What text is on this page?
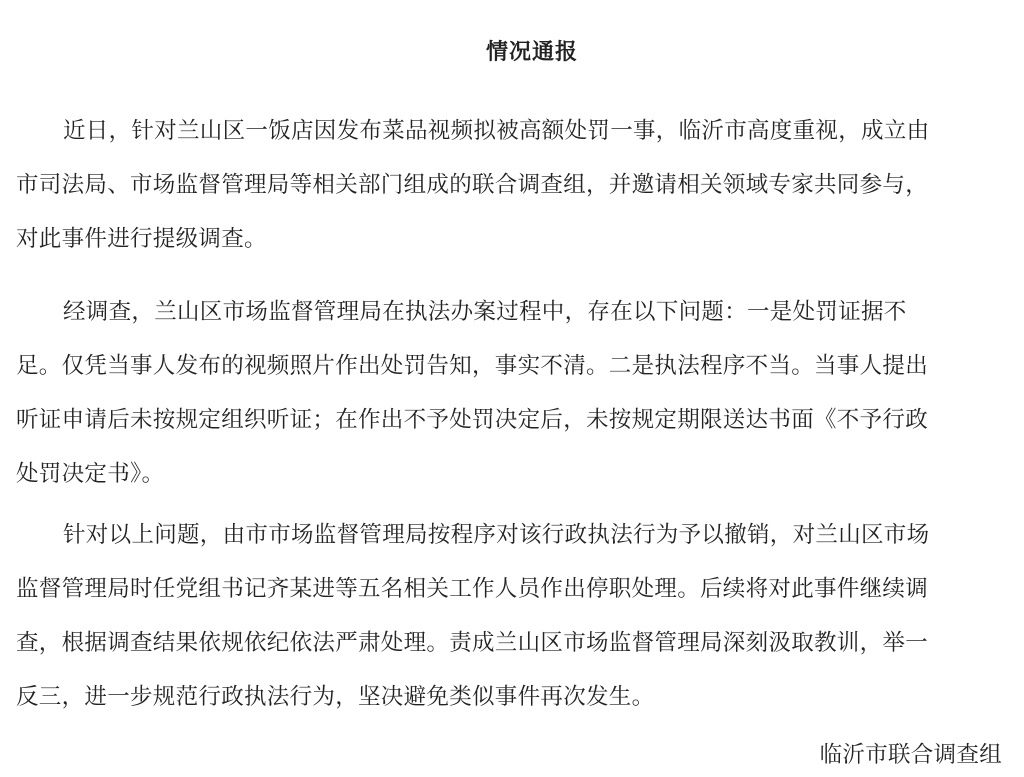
情况通报
近日，针对兰山区一饭店因发布菜品视频拟被高额处罚一事，临沂市高度重视，成立由
市司法局、市场监督管理局等相关部门组成的联合调查组，并邀请相关领域专家共同参与，
对此事件进行提级调查。
经调查，兰山区市场监督管理局在执法办案过程中，存在以下问题：一是处罚证据不
足。仅凭当事人发布的视频照片作出处罚告知，事实不清。二是执法程序不当。当事人提出
听证申请后未按规定组织听证；在作出不予处罚决定后，未按规定期限送达书面《不予行政
处罚决定书》。
针对以上问题，由市市场监督管理局按程序对该行政执法行为予以撤销，对兰山区市场
监督管理局时任党组书记齐某进等五名相关工作人员作出停职处理。后续将对此事件继续调
查，根据调查结果依规依纪依法严肃处理。责成兰山区市场监督管理局深刻汲取教训，举一
反三，进一步规范行政执法行为，坚决避免类似事件再次发生。
临沂市联合调查组
